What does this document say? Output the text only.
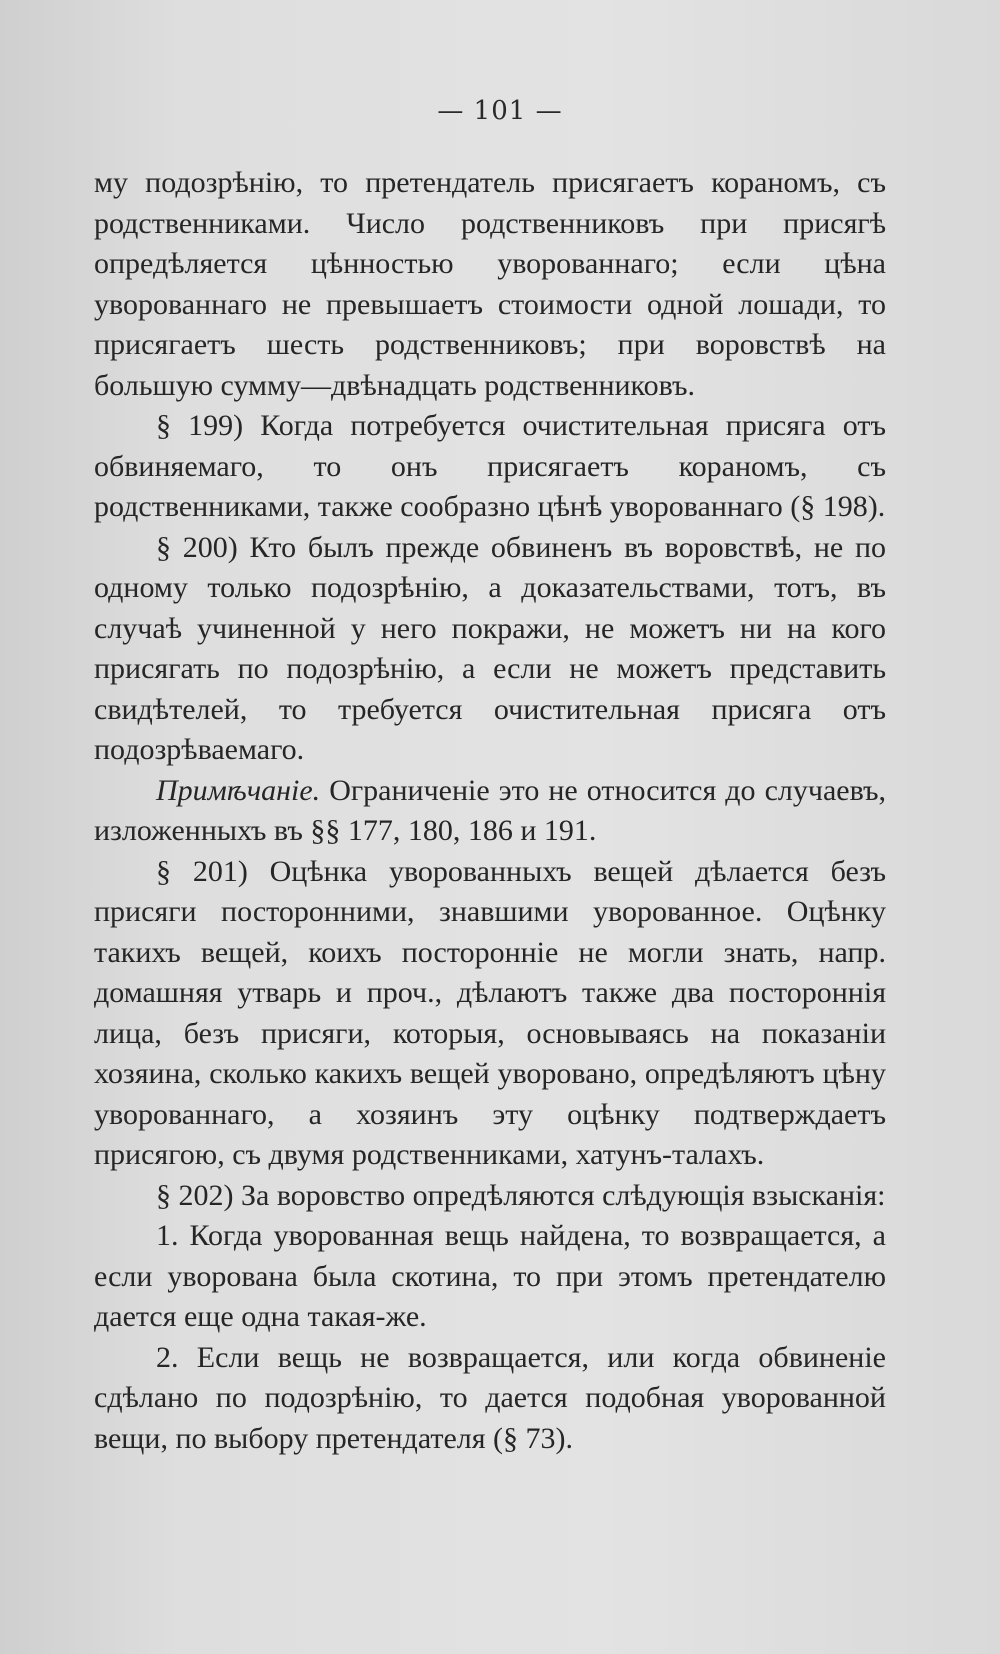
— 101 —

му подозрѣнію, то претендатель присягаетъ кораномъ, съ родственниками. Число родственниковъ при присягѣ опредѣляется цѣнностью уворованнаго; если цѣна уворованнаго не превышаетъ стоимости одной лошади, то присягаетъ шесть родственниковъ; при воровствѣ на большую сумму—двѣнадцать родственниковъ.

§ 199) Когда потребуется очистительная присяга отъ обвиняемаго, то онъ присягаетъ кораномъ, съ родственниками, также сообразно цѣнѣ уворованнаго (§ 198).

§ 200) Кто былъ прежде обвиненъ въ воровствѣ, не по одному только подозрѣнію, а доказательствами, тотъ, въ случаѣ учиненной у него покражи, не можетъ ни на кого присягать по подозрѣнію, а если не можетъ представить свидѣтелей, то требуется очистительная присяга отъ подозрѣваемаго.

Примѣчаніе. Ограниченіе это не относится до случаевъ, изложенныхъ въ §§ 177, 180, 186 и 191.

§ 201) Оцѣнка уворованныхъ вещей дѣлается безъ присяги посторонними, знавшими уворованное. Оцѣнку такихъ вещей, коихъ посторонніе не могли знать, напр. домашняя утварь и проч., дѣлаютъ также два постороннія лица, безъ присяги, которыя, основываясь на показаніи хозяина, сколько какихъ вещей уворовано, опредѣляютъ цѣну уворованнаго, а хозяинъ эту оцѣнку подтверждаетъ присягою, съ двумя родственниками, хатунъ-талахъ.

§ 202) За воровство опредѣляются слѣдующія взысканія:

1. Когда уворованная вещь найдена, то возвращается, а если уворована была скотина, то при этомъ претендателю дается еще одна такая-же.

2. Если вещь не возвращается, или когда обвиненіе сдѣлано по подозрѣнію, то дается подобная уворованной вещи, по выбору претендателя (§ 73).
